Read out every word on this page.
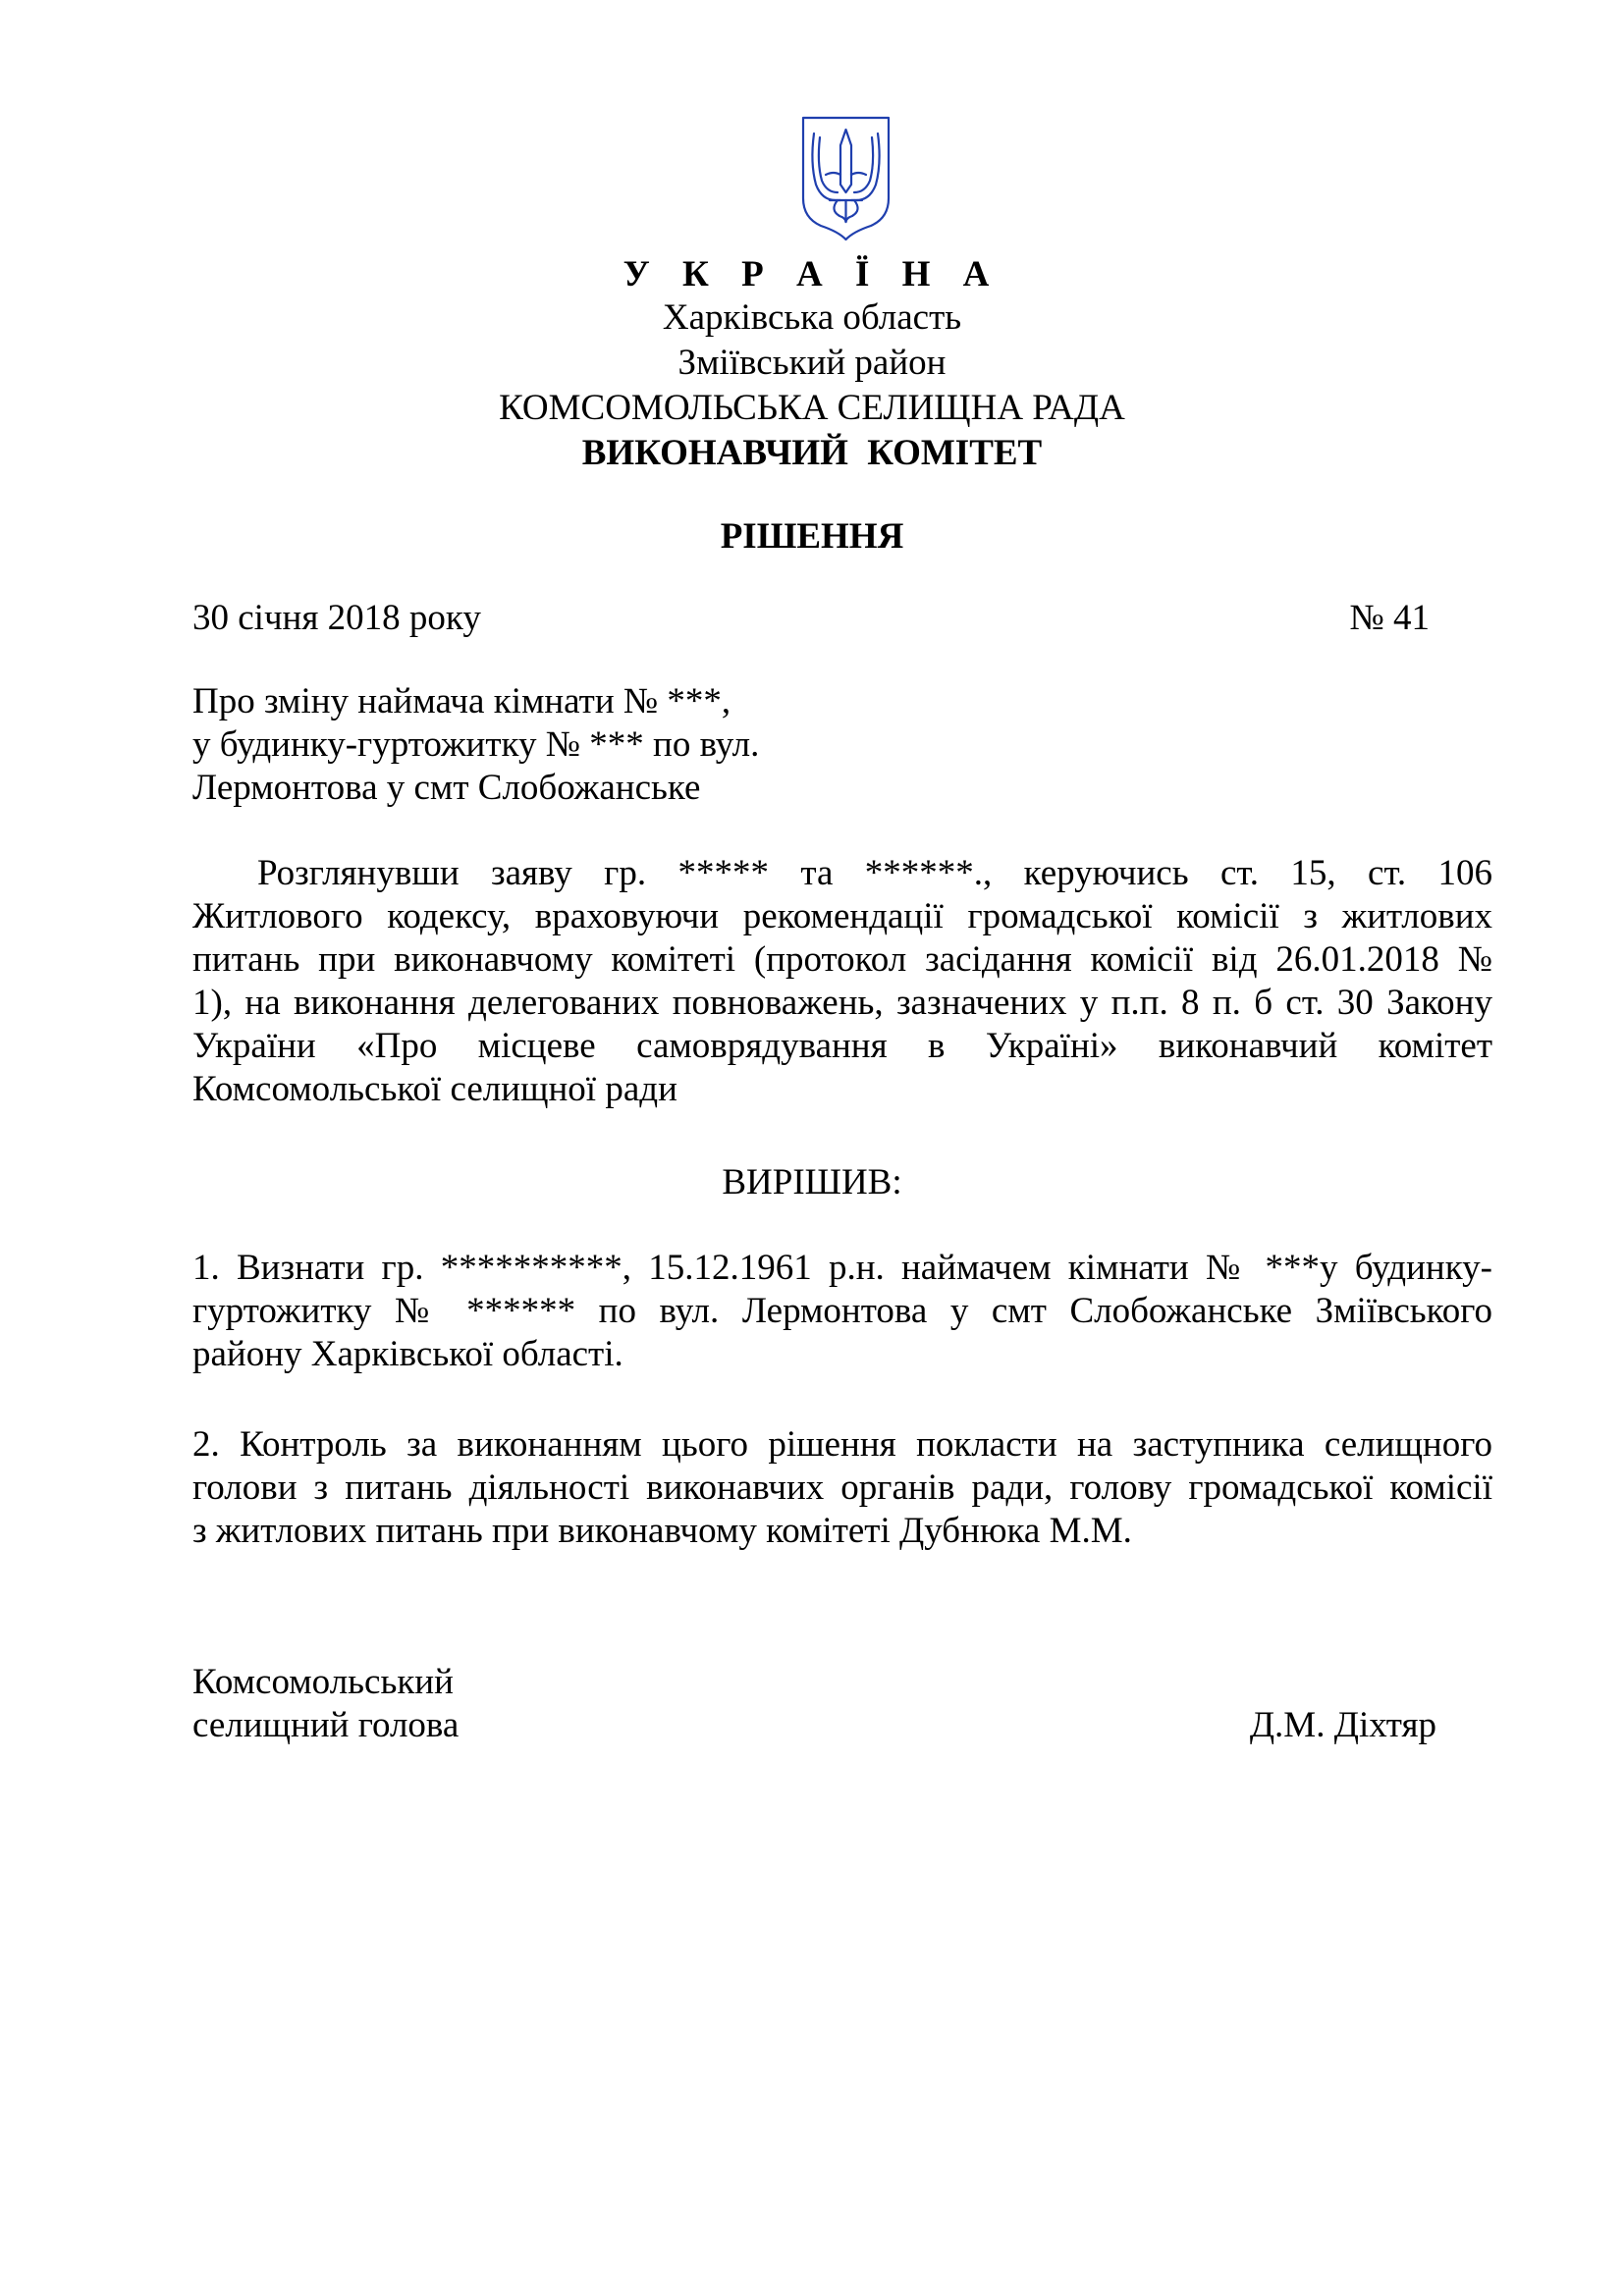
У К Р А Ї Н А
Харківська область
Зміївський район
КОМСОМОЛЬСЬКА СЕЛИЩНА РАДА
ВИКОНАВЧИЙ КОМІТЕТ
РІШЕННЯ
30 січня 2018 року	№ 41
Про зміну наймача кімнати № ***,
у будинку-гуртожитку № *** по вул.
Лермонтова у смт Слобожанське
Розглянувши заяву гр. ***** та ******., керуючись ст. 15, ст. 106
Житлового кодексу, враховуючи рекомендації громадської комісії з житлових
питань при виконавчому комітеті (протокол засідання комісії від 26.01.2018 №
1), на виконання делегованих повноважень, зазначених у п.п. 8 п. б ст. 30 Закону
України «Про місцеве самоврядування в Україні» виконавчий комітет
Комсомольської селищної ради
ВИРІШИВ:
1. Визнати гр. **********, 15.12.1961 р.н. наймачем кімнати № ***у будинку-
гуртожитку № ****** по вул. Лермонтова у смт Слобожанське Зміївського
району Харківської області.
2. Контроль за виконанням цього рішення покласти на заступника селищного
голови з питань діяльності виконавчих органів ради, голову громадської комісії
з житлових питань при виконавчому комітеті Дубнюка М.М.
Комсомольський
селищний голова	Д.М. Діхтяр
